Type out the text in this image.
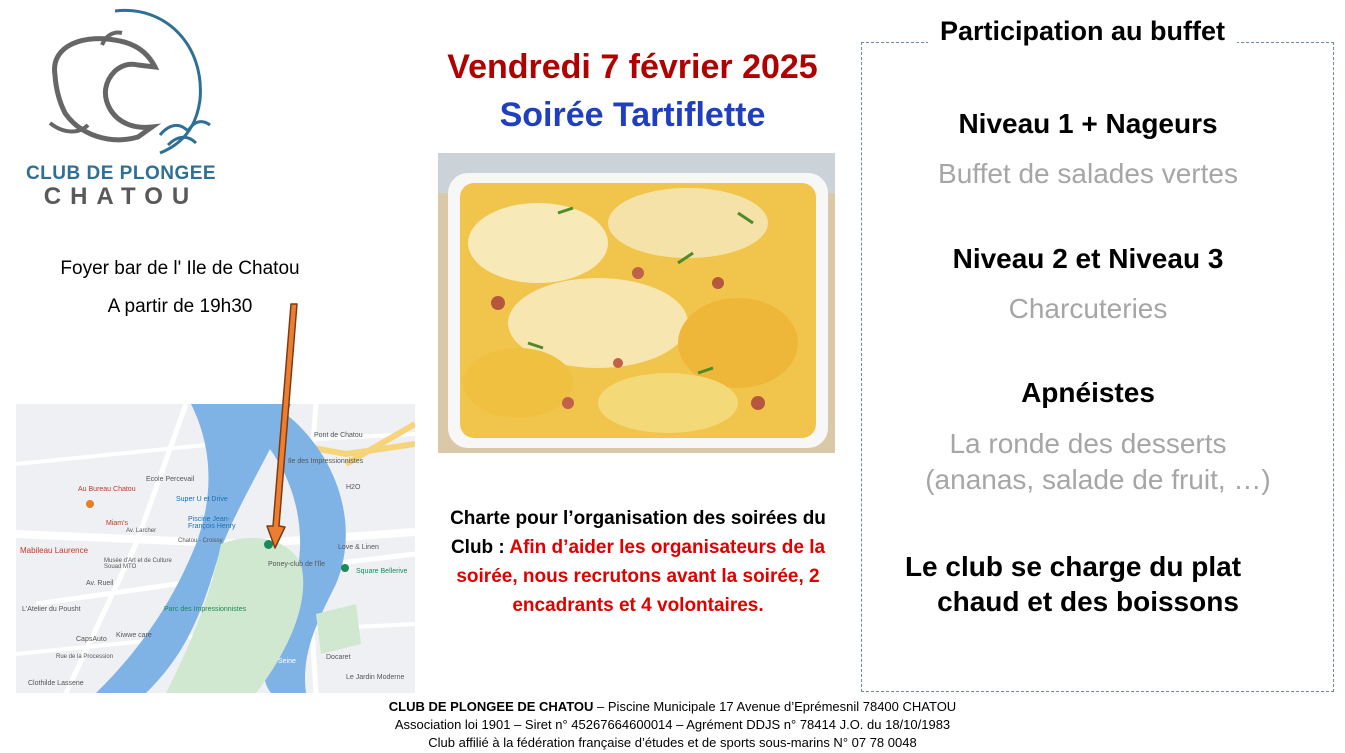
CLUB DE PLONGEE
CHATOU
Foyer bar de l' Ile de Chatou
A partir de 19h30
Pont de Chatou
Ile des Impressionnistes
Au Bureau Chatou
Ecole Percevail
Super U et Drive
Piscine Jean-François Henry
Miam's
Mabileau Laurence
Musée d'Art et de Culture Souad MTO	Poney-club de l'île
Love & Linen
Square Bellerive
Parc des Impressionnistes
L'Atelier du Pousht
CapsAuto
Kiwwe care
Rue de la Procession
Clothilde Lassene
Docaret
Le Jardin Moderne
Seine
Av. Rueil
Av. Larcher
H2O
Chatou - Croissy
Vendredi 7 février 2025
Soirée Tartiflette
Charte pour l’organisation des soirées du Club : Afin d’aider les organisateurs de la soirée, nous recrutons avant la soirée, 2 encadrants et 4 volontaires.
Participation au buffet
Niveau 1 + Nageurs
Buffet de salades vertes
Niveau 2 et Niveau 3
Charcuteries
Apnéistes
La ronde des desserts
(ananas, salade de fruit, …)
Le club se charge du plat
chaud et des boissons
CLUB DE PLONGEE DE CHATOU – Piscine Municipale 17 Avenue d’Eprémesnil 78400 CHATOU
Association loi 1901 – Siret n° 45267664600014 – Agrément DDJS n° 78414 J.O. du 18/10/1983
Club affilié à la fédération française d’études et de sports sous-marins N° 07 78 0048
